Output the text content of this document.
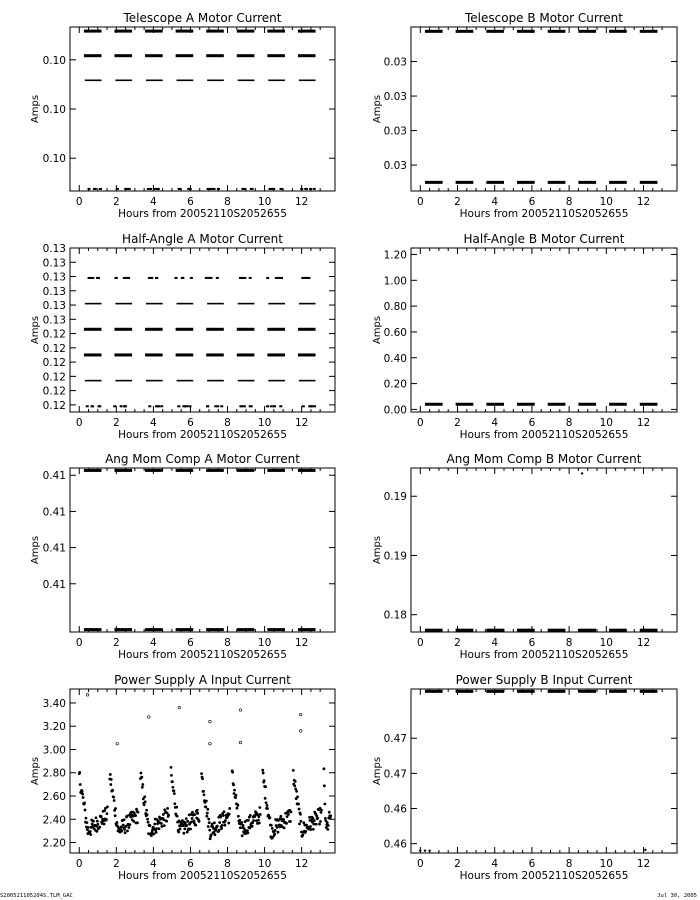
Telescope A Motor Current
0	2	4	6	8	10 12
0.10
0.10
0.10
Hours from 20052110S2052655
Amps
Telescope B Motor Current
0	2	4	6	8	10 12
0.03
0.03
0.03
0.03
Hours from 20052110S2052655
Amps
Half-Angle A Motor Current
0	2	4	6	8	10 12
0.12
0.12
0.12
0.12
0.12
0.12
0.13
0.13
0.13
0.13
0.13
0.13
Hours from 20052110S2052655
Amps
Half-Angle B Motor Current
0	2	4	6	8	10 12
0.00
0.20
0.40
0.60
0.80
1.00
1.20
Hours from 20052110S2052655
Amps
Ang Mom Comp A Motor Current
0	2	4	6	8	10 12
0.41
0.41
0.41
0.41
Hours from 20052110S2052655
Amps
Ang Mom Comp B Motor Current
0	2	4	6	8	10 12
0.18
0.19
0.19
Hours from 20052110S2052655
Amps
Power Supply A Input Current
0	2	4	6	8	10 12
2.20
2.40
2.60
2.80
3.00
3.20
3.40
Hours from 20052110S2052655
Amps
Power Supply B Input Current
0	2	4	6	8	10 12
0.46
0.46
0.47
0.47
Hours from 20052110S2052655
Amps
S200521105204S.TLM_GAC	Jul 30, 2005
